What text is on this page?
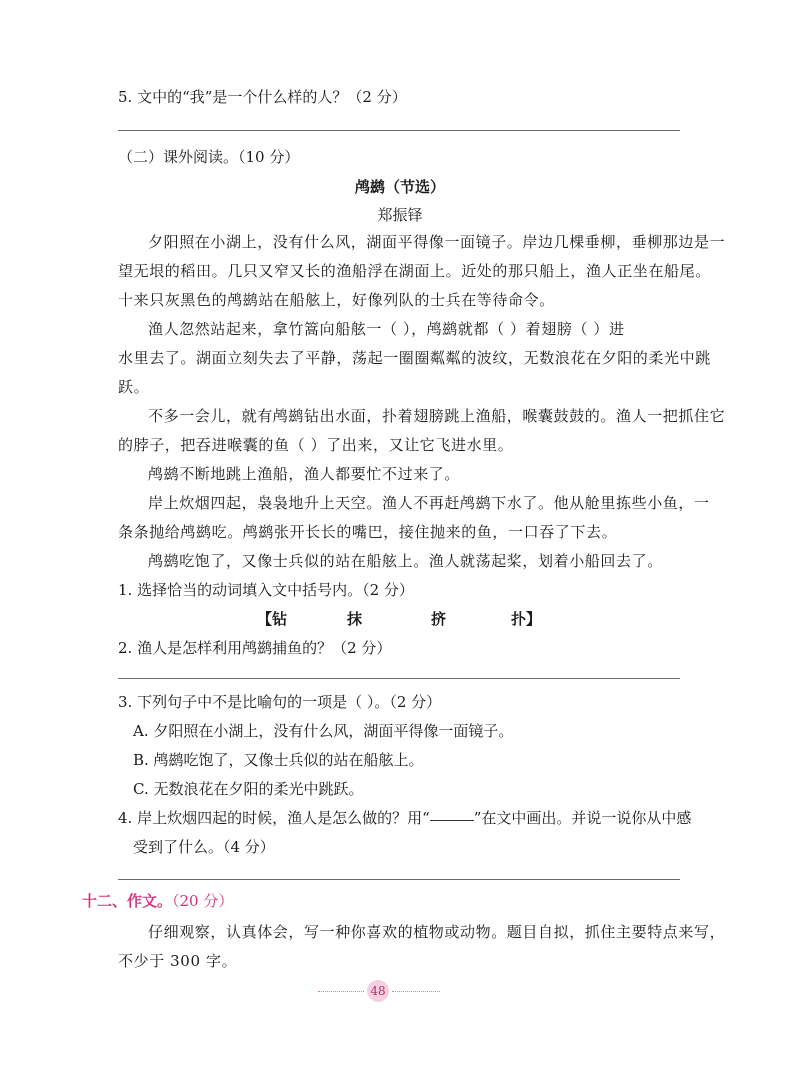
5. 文中的“我”是一个什么样的人？（2 分）
（二）课外阅读。（10 分）
鸬鹚（节选）
郑振铎
夕阳照在小湖上，没有什么风，湖面平得像一面镜子。岸边几棵垂柳，垂柳那边是一
望无垠的稻田。几只又窄又长的渔船浮在湖面上。近处的那只船上，渔人正坐在船尾。
十来只灰黑色的鸬鹚站在船舷上，好像列队的士兵在等待命令。
渔人忽然站起来，拿竹篙向船舷一（ ），鸬鹚就都（ ）着翅膀（ ）进
水里去了。湖面立刻失去了平静，荡起一圈圈粼粼的波纹，无数浪花在夕阳的柔光中跳
跃。
不多一会儿，就有鸬鹚钻出水面，扑着翅膀跳上渔船，喉囊鼓鼓的。渔人一把抓住它
的脖子，把吞进喉囊的鱼（ ）了出来，又让它飞进水里。
鸬鹚不断地跳上渔船，渔人都要忙不过来了。
岸上炊烟四起，袅袅地升上天空。渔人不再赶鸬鹚下水了。他从舱里拣些小鱼，一
条条抛给鸬鹚吃。鸬鹚张开长长的嘴巴，接住抛来的鱼，一口吞了下去。
鸬鹚吃饱了，又像士兵似的站在船舷上。渔人就荡起桨，划着小船回去了。
1. 选择恰当的动词填入文中括号内。（2 分）
【钻	抹	挤	扑】
2. 渔人是怎样利用鸬鹚捕鱼的？（2 分）
3. 下列句子中不是比喻句的一项是（ ）。（2 分）
A. 夕阳照在小湖上，没有什么风，湖面平得像一面镜子。
B. 鸬鹚吃饱了，又像士兵似的站在船舷上。
C. 无数浪花在夕阳的柔光中跳跃。
4. 岸上炊烟四起的时候，渔人是怎么做的？用“	”在文中画出。并说一说你从中感
受到了什么。（4 分）
十二、作文。（20 分）
仔细观察，认真体会，写一种你喜欢的植物或动物。题目自拟，抓住主要特点来写，
不少于 300 字。
48
